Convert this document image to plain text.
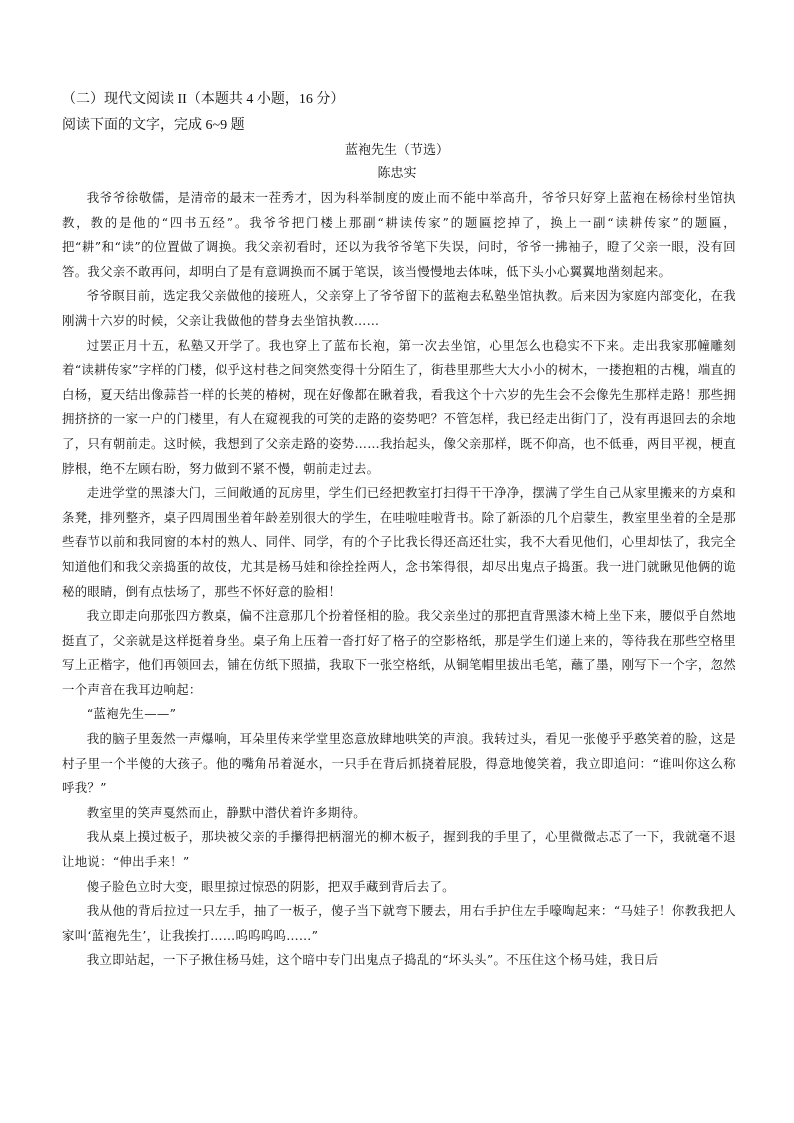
（二）现代文阅读 II（本题共 4 小题，16 分）
阅读下面的文字，完成 6~9 题
蓝袍先生（节选）
陈忠实

我爷爷徐敬儒，是清帝的最末一茬秀才，因为科举制度的废止而不能中举高升，爷爷只好穿上蓝袍在杨徐村坐馆执教，教的是他的“四书五经”。我爷爷把门楼上那副“耕读传家”的题匾挖掉了，换上一副“读耕传家”的题匾，把“耕”和“读”的位置做了调换。我父亲初看时，还以为我爷爷笔下失误，问时，爷爷一拂袖子，瞪了父亲一眼，没有回答。我父亲不敢再问，却明白了是有意调换而不属于笔误，该当慢慢地去体味，低下头小心翼翼地凿刻起来。

爷爷瞑目前，选定我父亲做他的接班人，父亲穿上了爷爷留下的蓝袍去私塾坐馆执教。后来因为家庭内部变化，在我刚满十六岁的时候，父亲让我做他的替身去坐馆执教……

过罢正月十五，私塾又开学了。我也穿上了蓝布长袍，第一次去坐馆，心里怎么也稳实不下来。走出我家那幢雕刻着“读耕传家”字样的门楼，似乎这村巷之间突然变得十分陌生了，街巷里那些大大小小的树木，一搂抱粗的古槐，端直的白杨，夏天结出像蒜苔一样的长荚的椿树，现在好像都在瞅着我，看我这个十六岁的先生会不会像先生那样走路！那些拥拥挤挤的一家一户的门楼里，有人在窥视我的可笑的走路的姿势吧？不管怎样，我已经走出街门了，没有再退回去的余地了，只有朝前走。这时候，我想到了父亲走路的姿势……我抬起头，像父亲那样，既不仰高，也不低垂，两目平视，梗直脖根，绝不左顾右盼，努力做到不紧不慢，朝前走过去。

走进学堂的黑漆大门，三间敞通的瓦房里，学生们已经把教室打扫得干干净净，摆满了学生自己从家里搬来的方桌和条凳，排列整齐，桌子四周围坐着年龄差别很大的学生，在哇啦哇啦背书。除了新添的几个启蒙生，教室里坐着的全是那些春节以前和我同窗的本村的熟人、同伴、同学，有的个子比我长得还高还壮实，我不大看见他们，心里却怯了，我完全知道他们和我父亲捣蛋的故伎，尤其是杨马娃和徐拴拴两人，念书笨得很，却尽出鬼点子捣蛋。我一进门就瞅见他俩的诡秘的眼睛，倒有点怯场了，那些不怀好意的脸相！

我立即走向那张四方教桌，偏不注意那几个扮着怪相的脸。我父亲坐过的那把直背黑漆木椅上坐下来，腰似乎自然地挺直了，父亲就是这样挺着身坐。桌子角上压着一沓打好了格子的空影格纸，那是学生们递上来的，等待我在那些空格里写上正楷字，他们再领回去，铺在仿纸下照描，我取下一张空格纸，从铜笔帽里拔出毛笔，蘸了墨，刚写下一个字，忽然一个声音在我耳边响起：

“蓝袍先生——”

我的脑子里轰然一声爆响，耳朵里传来学堂里恣意放肆地哄笑的声浪。我转过头，看见一张傻乎乎憨笑着的脸，这是村子里一个半傻的大孩子。他的嘴角吊着涎水，一只手在背后抓挠着屁股，得意地傻笑着，我立即追问：“谁叫你这么称呼我？”

教室里的笑声戛然而止，静默中潜伏着许多期待。

我从桌上摸过板子，那块被父亲的手攥得把柄溜光的柳木板子，握到我的手里了，心里微微忐忑了一下，我就毫不退让地说：“伸出手来！”

傻子脸色立时大变，眼里掠过惊恐的阴影，把双手藏到背后去了。

我从他的背后拉过一只左手，抽了一板子，傻子当下就弯下腰去，用右手护住左手嚎啕起来：“马娃子！你教我把人家叫‘蓝袍先生’，让我挨打……呜呜呜呜……”

我立即站起，一下子揪住杨马娃，这个暗中专门出鬼点子捣乱的“坏头头”。不压住这个杨马娃，我日后
